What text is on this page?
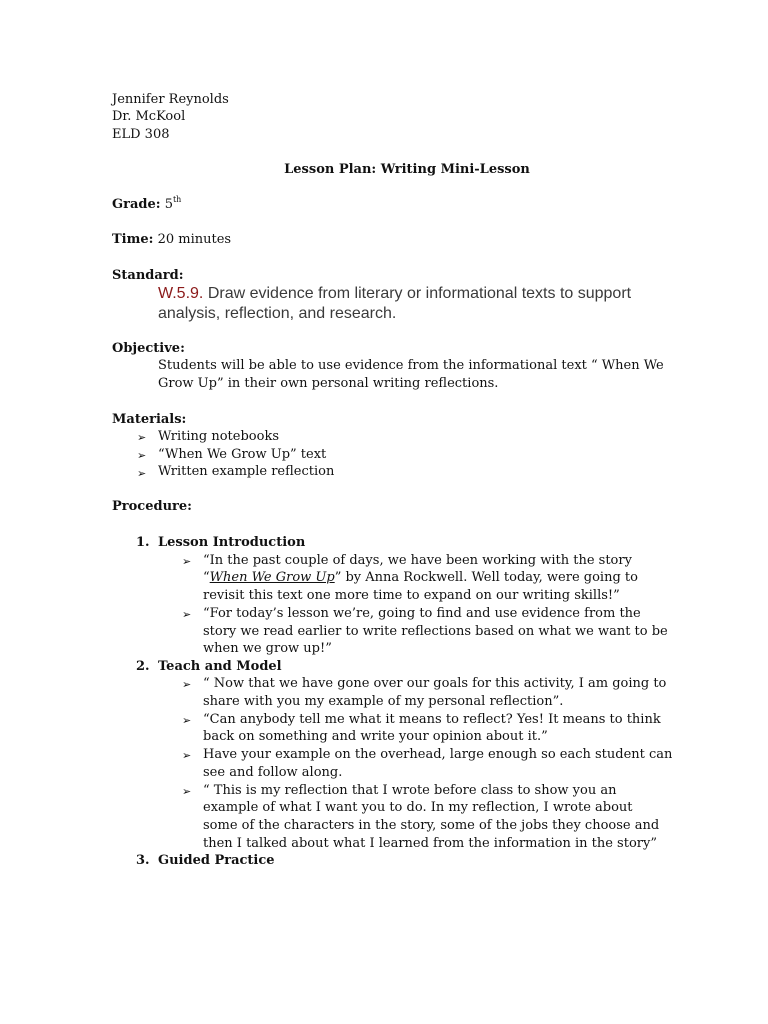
Jennifer Reynolds
Dr. McKool
ELD 308
Lesson Plan: Writing Mini-Lesson
Grade: 5th
Time: 20 minutes
Standard:
W.5.9. Draw evidence from literary or informational texts to support
analysis, reflection, and research.
Objective:
Students will be able to use evidence from the informational text “ When We
Grow Up” in their own personal writing reflections.
Materials:
➢ Writing notebooks
➢ “When We Grow Up” text
➢ Written example reflection
Procedure:
1. Lesson Introduction
➢ “In the past couple of days, we have been working with the story
“When We Grow Up” by Anna Rockwell. Well today, were going to
revisit this text one more time to expand on our writing skills!”
➢ “For today’s lesson we’re, going to find and use evidence from the
story we read earlier to write reflections based on what we want to be
when we grow up!”
2. Teach and Model
➢ “ Now that we have gone over our goals for this activity, I am going to
share with you my example of my personal reflection”.
➢ “Can anybody tell me what it means to reflect? Yes! It means to think
back on something and write your opinion about it.”
➢ Have your example on the overhead, large enough so each student can
see and follow along.
➢ “ This is my reflection that I wrote before class to show you an
example of what I want you to do. In my reflection, I wrote about
some of the characters in the story, some of the jobs they choose and
then I talked about what I learned from the information in the story”
3. Guided Practice
